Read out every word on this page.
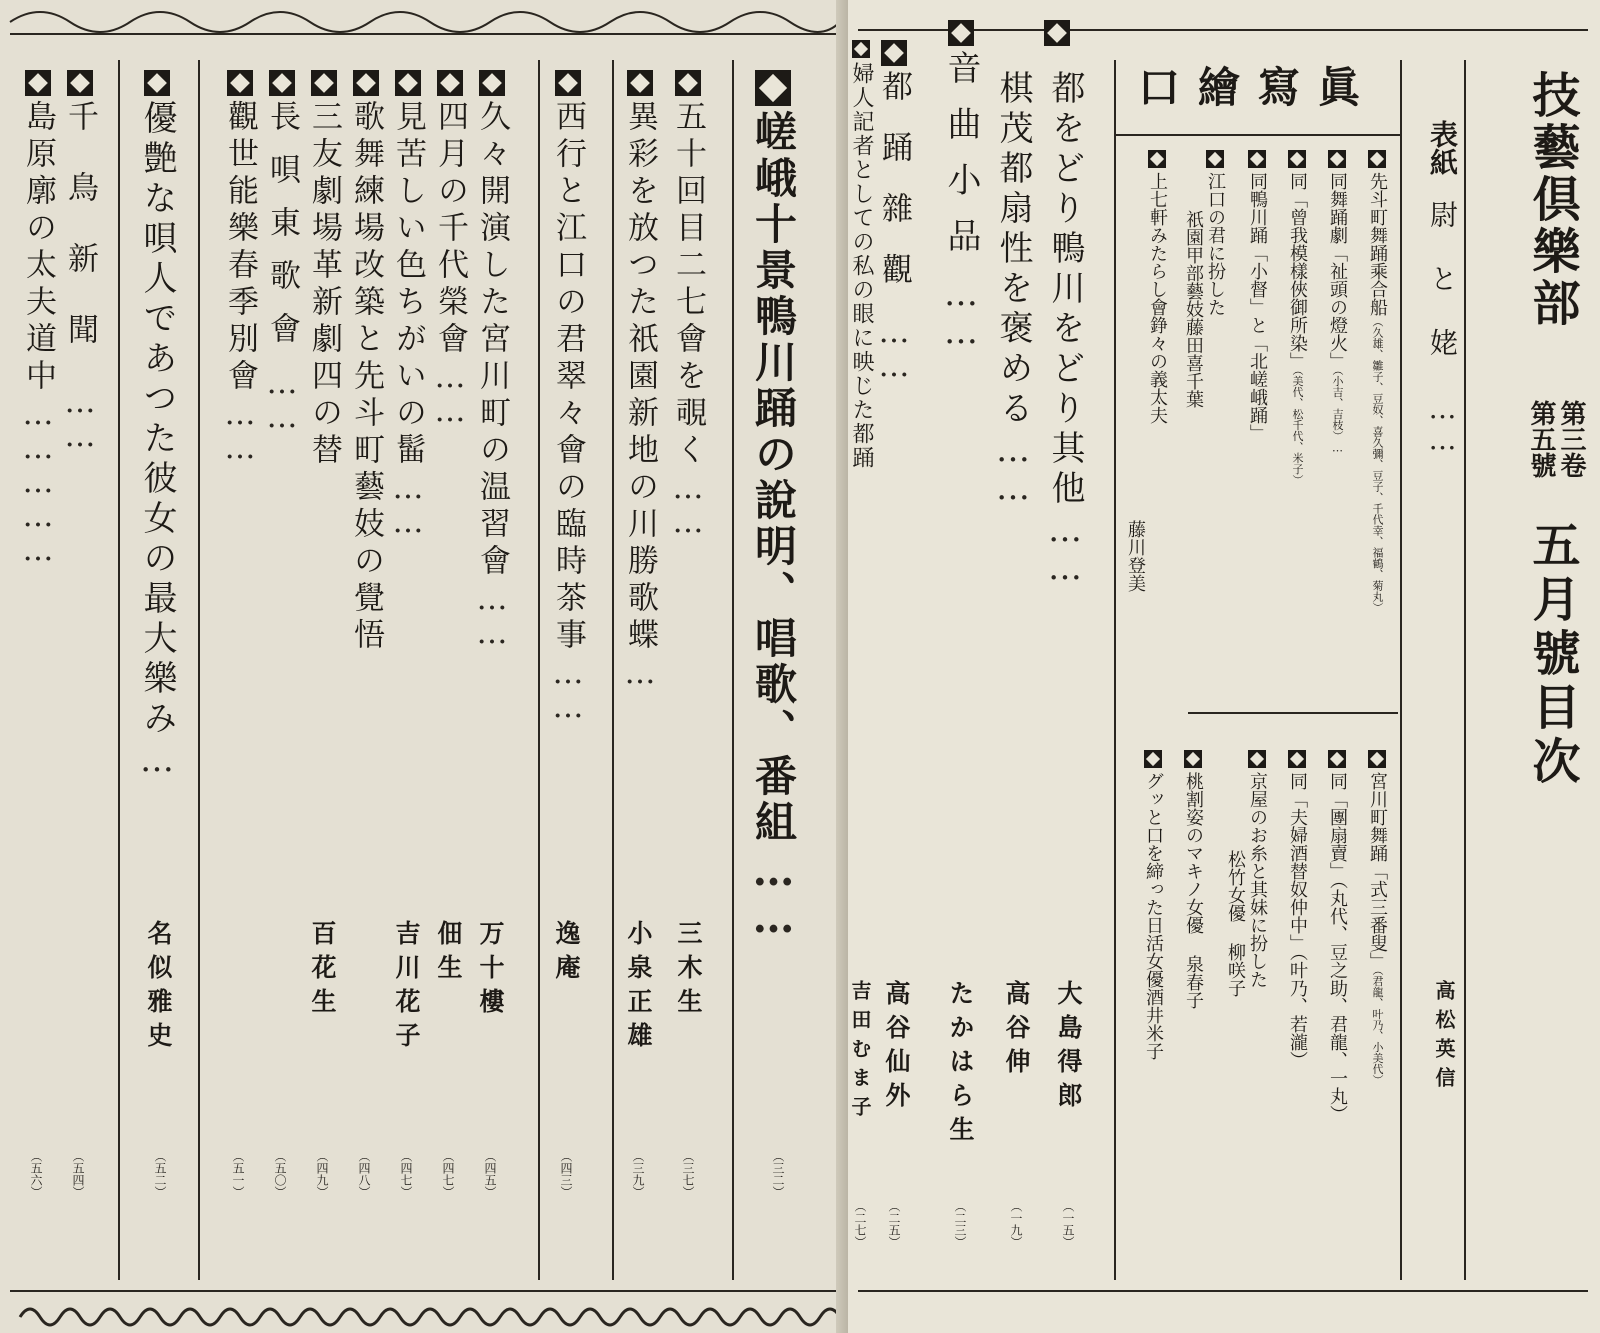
嵯峨十景鴨川踊の說明、唱歌、番組……
（三二）
五十回目二七會を覗く……
三木生
（三七）
異彩を放つた祇園新地の川勝歌蝶…
小泉正雄
（三九）
西行と江口の君翠々會の臨時茶事……
逸庵
（四三）
久々開演した宮川町の温習會……
万十樓
（四五）
四月の千代榮會……
佃生
（四七）
見苦しい色ちがいの髷……
吉川花子
（四七）
歌舞練場改築と先斗町藝妓の覺悟
（四八）
三友劇場革新劇四の替
百花生
（四九）
長唄東歌會……
（五〇）
觀世能樂春季別會……
（五一）
優艶な唄人であつた彼女の最大樂み…
名似雅史
（五二）
千鳥新聞……
（五四）
島原廓の太夫道中……………
（五六）
技藝倶樂部
第三卷
第五號
五月號目次
表紙
尉と姥……
高松英信
口繪寫眞
先斗町舞踊乘合船（久雄、雛子、豆奴、喜久彌、豆子、千代幸、福鶴、菊丸）
同舞踊劇「祉頭の燈火」（小吉、吉枝）…
同「曾我模樣俠御所染」（美代、松千代、米子）
同鴨川踊「小督」と「北嵯峨踊」
江口の君に扮した
祇園甲部藝妓藤田喜千葉
上七軒みたらし會錚々の義太夫
藤川登美
宮川町舞踊「式三番叟」（君龍、叶乃、小美代）
同「團扇賣」（丸代、豆之助、君龍、一丸）
同「夫婦酒替奴仲中」（叶乃、若瀧）
京屋のお糸と其妹に扮した
松竹女優 柳咲子
桃割姿のマキノ女優 泉春子
グッと口を締った日活女優酒井米子
都をどり鴨川をどり其他……
大島得郎
（一五）
棋茂都扇性を褒める……
高谷伸
（一九）
音曲小品……
たかはら生
（二三）
都踊雜觀……
高谷仙外
（二五）
婦人記者としての私の眼に映じた都踊
吉田むま子
（二七）
